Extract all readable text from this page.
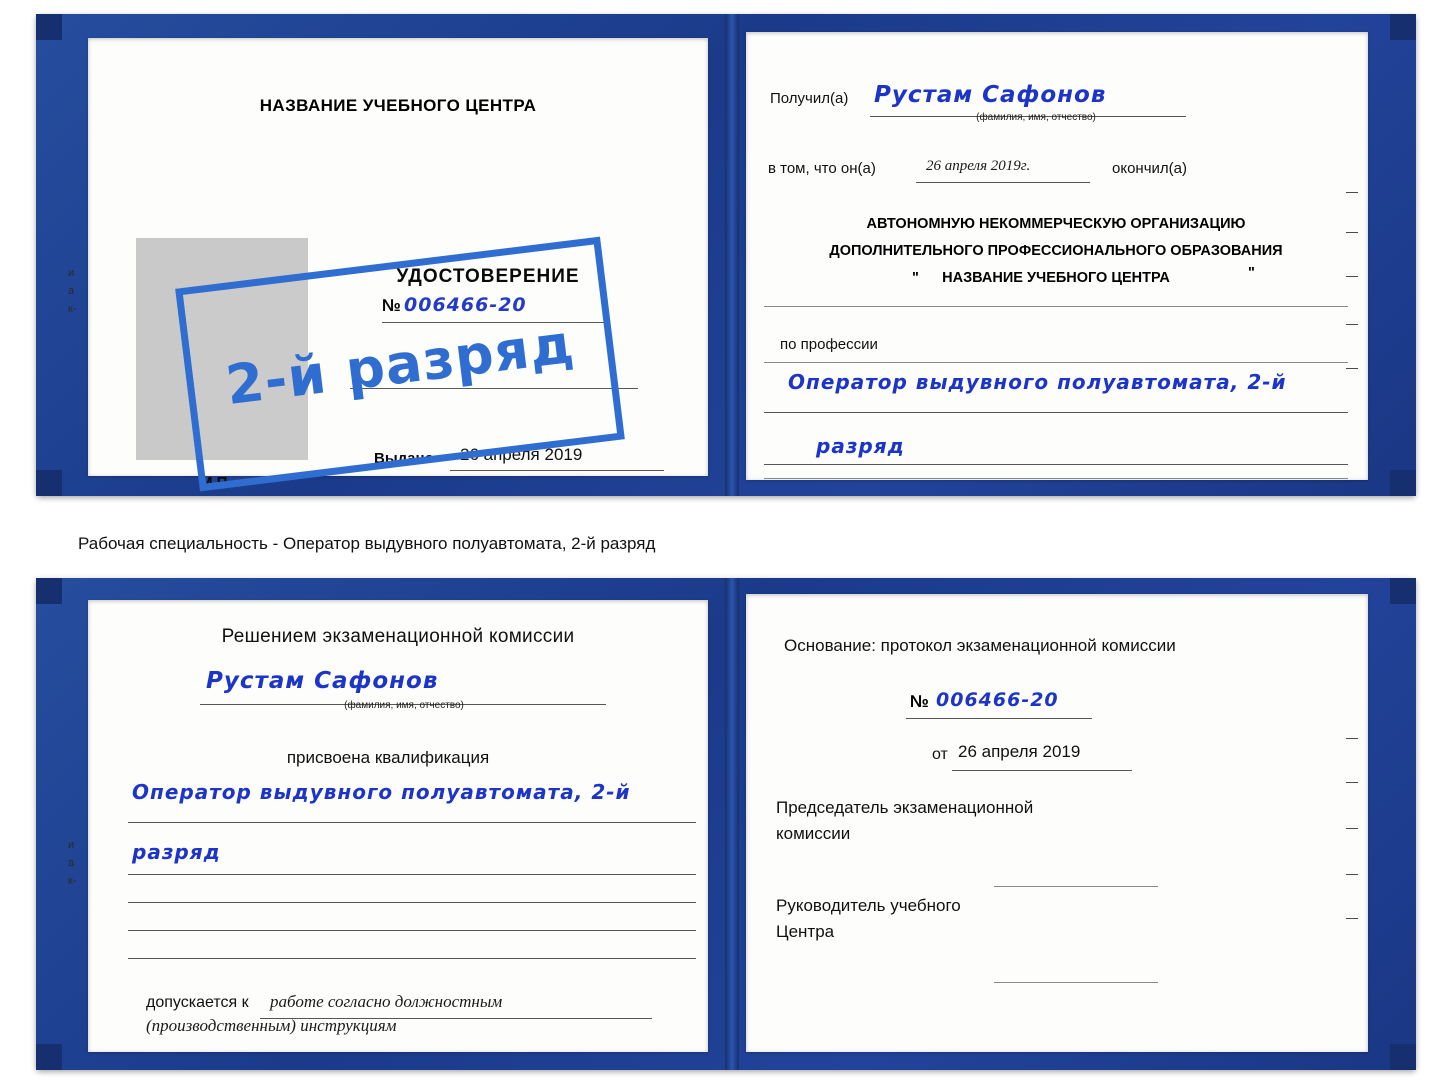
НАЗВАНИЕ УЧЕБНОГО ЦЕНТРА
УДОСТОВЕРЕНИЕ
№ 006466-20
Выдано 26 апреля 2019
М.П.
Получил(а) Рустам Сафонов
(фамилия, имя, отчество)
в том, что он(а)	26 апреля 2019г.	окончил(а)
АВТОНОМНУЮ НЕКОММЕРЧЕСКУЮ ОРГАНИЗАЦИЮ
ДОПОЛНИТЕЛЬНОГО ПРОФЕССИОНАЛЬНОГО ОБРАЗОВАНИЯ
"	НАЗВАНИЕ УЧЕБНОГО ЦЕНТРА	"
по профессии
Оператор выдувного полуавтомата, 2-й
разряд
и
а
к-
2-й разряд
Рабочая специальность - Оператор выдувного полуавтомата, 2-й разряд
Решением экзаменационной комиссии
Рустам Сафонов
(фамилия, имя, отчество)
присвоена квалификация
Оператор выдувного полуавтомата, 2-й
разряд
допускается к работе согласно должностным
(производственным) инструкциям
Основание: протокол экзаменационной комиссии
№ 006466-20
от 26 апреля 2019
Председатель экзаменационной
комиссии
Руководитель учебного
Центра
и
а
к-
